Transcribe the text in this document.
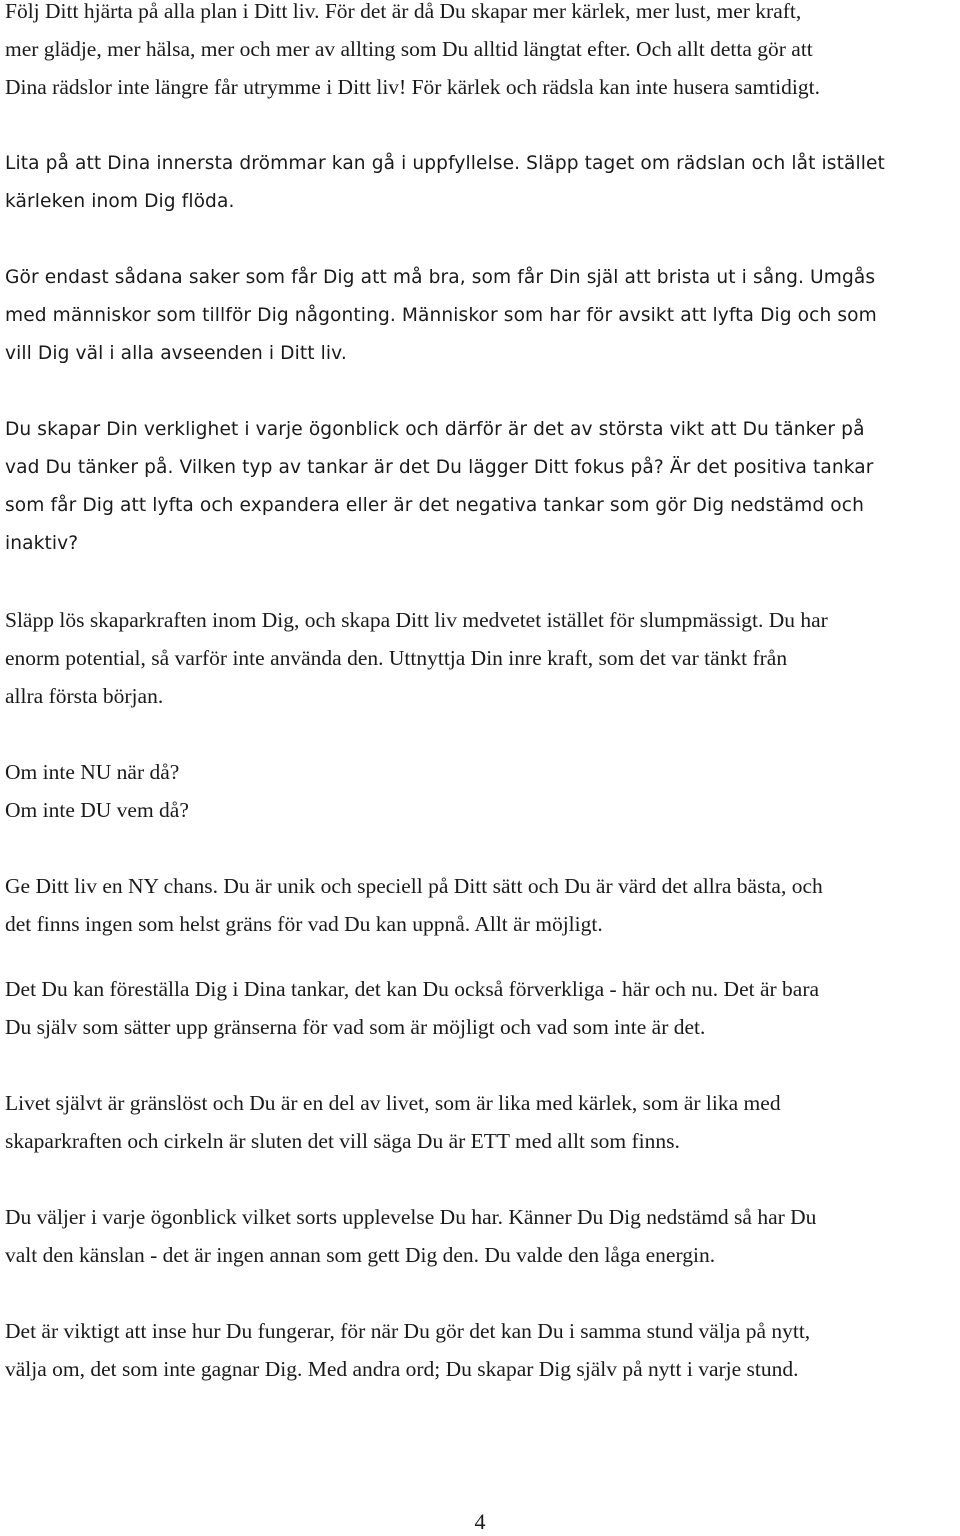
Följ Ditt hjärta på alla plan i Ditt liv. För det är då Du skapar mer kärlek, mer lust, mer kraft,
mer glädje, mer hälsa, mer och mer av allting som Du alltid längtat efter. Och allt detta gör att
Dina rädslor inte längre får utrymme i Ditt liv! För kärlek och rädsla kan inte husera samtidigt.

Lita på att Dina innersta drömmar kan gå i uppfyllelse. Släpp taget om rädslan och låt istället
kärleken inom Dig flöda.

Gör endast sådana saker som får Dig att må bra, som får Din själ att brista ut i sång. Umgås
med människor som tillför Dig någonting. Människor som har för avsikt att lyfta Dig och som
vill Dig väl i alla avseenden i Ditt liv.

Du skapar Din verklighet i varje ögonblick och därför är det av största vikt att Du tänker på
vad Du tänker på. Vilken typ av tankar är det Du lägger Ditt fokus på? Är det positiva tankar
som får Dig att lyfta och expandera eller är det negativa tankar som gör Dig nedstämd och
inaktiv?

Släpp lös skaparkraften inom Dig, och skapa Ditt liv medvetet istället för slumpmässigt. Du har
enorm potential, så varför inte använda den. Uttnyttja Din inre kraft, som det var tänkt från
allra första början.

Om inte NU när då?
Om inte DU vem då?

Ge Ditt liv en NY chans. Du är unik och speciell på Ditt sätt och Du är värd det allra bästa, och
det finns ingen som helst gräns för vad Du kan uppnå. Allt är möjligt.

Det Du kan föreställa Dig i Dina tankar, det kan Du också förverkliga - här och nu. Det är bara
Du själv som sätter upp gränserna för vad som är möjligt och vad som inte är det.

Livet självt är gränslöst och Du är en del av livet, som är lika med kärlek, som är lika med
skaparkraften och cirkeln är sluten det vill säga Du är ETT med allt som finns.

Du väljer i varje ögonblick vilket sorts upplevelse Du har. Känner Du Dig nedstämd så har Du
valt den känslan - det är ingen annan som gett Dig den. Du valde den låga energin.

Det är viktigt att inse hur Du fungerar, för när Du gör det kan Du i samma stund välja på nytt,
välja om, det som inte gagnar Dig. Med andra ord; Du skapar Dig själv på nytt i varje stund.

4
